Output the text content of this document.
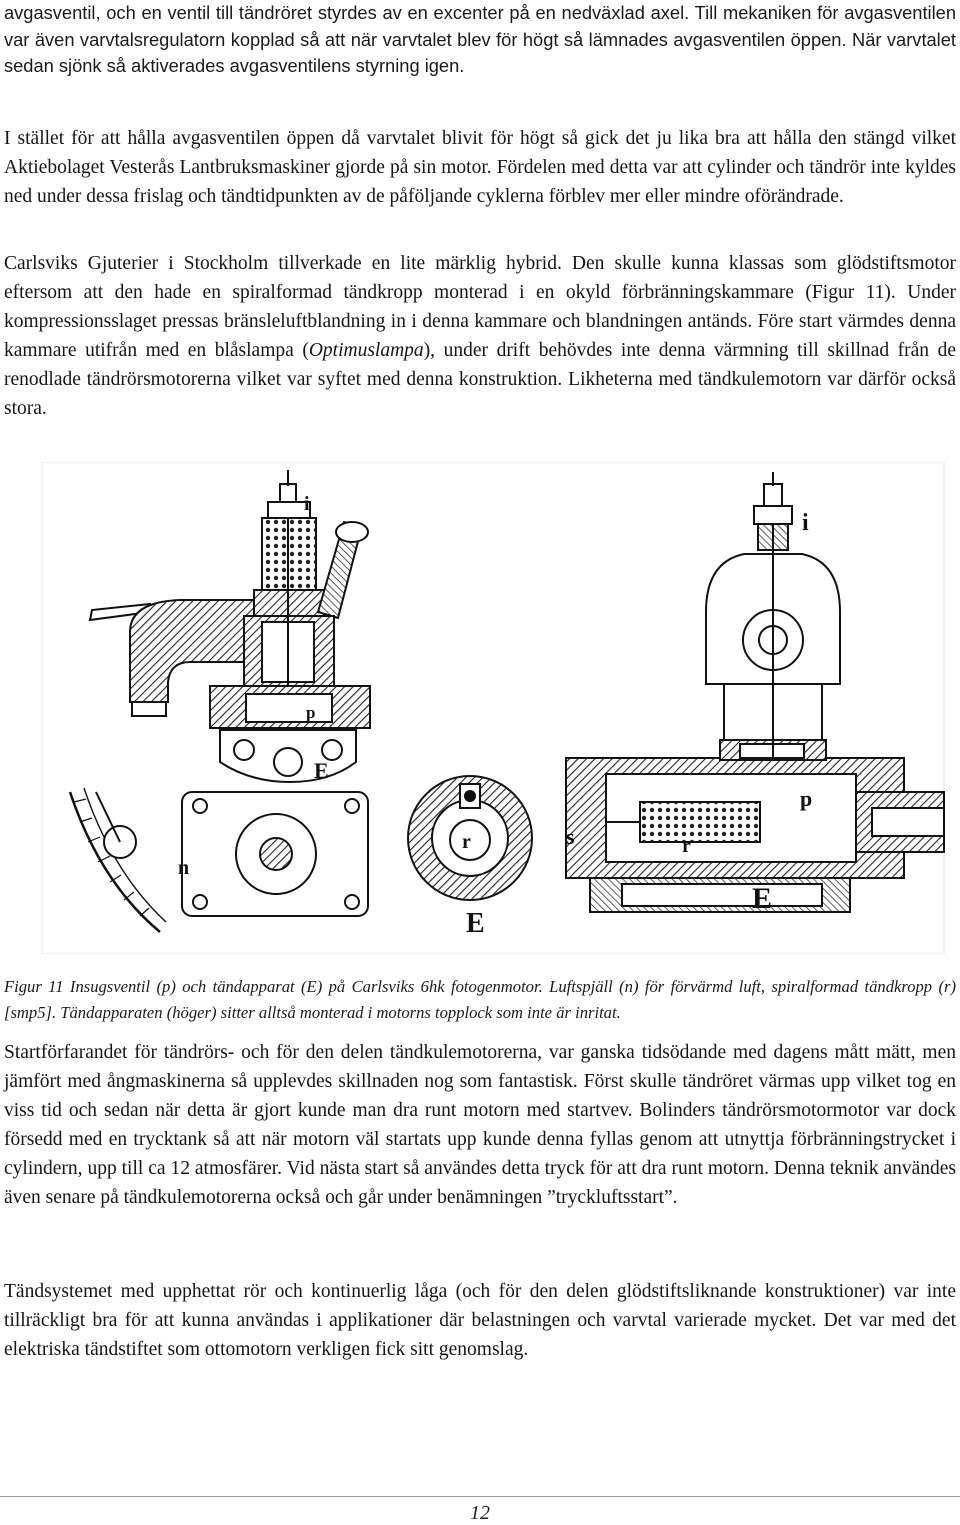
avgasventil, och en ventil till tändröret styrdes av en excenter på en nedväxlad axel. Till mekaniken för avgasventilen var även varvtalsregulatorn kopplad så att när varvtalet blev för högt så lämnades avgasventilen öppen. När varvtalet sedan sjönk så aktiverades avgasventilens styrning igen.

I stället för att hålla avgasventilen öppen då varvtalet blivit för högt så gick det ju lika bra att hålla den stängd vilket Aktiebolaget Vesterås Lantbruksmaskiner gjorde på sin motor. Fördelen med detta var att cylinder och tändrör inte kyldes ned under dessa frislag och tändtidpunkten av de påföljande cyklerna förblev mer eller mindre oförändrade.

Carlsviks Gjuterier i Stockholm tillverkade en lite märklig hybrid. Den skulle kunna klassas som glödstiftsmotor eftersom att den hade en spiralformad tändkropp monterad i en okyld förbränningskammare (Figur 11). Under kompressionsslaget pressas bränsleluftblandning in i denna kammare och blandningen antänds. Före start värmdes denna kammare utifrån med en blåslampa (Optimuslampa), under drift behövdes inte denna värmning till skillnad från de renodlade tändrörsmotorerna vilket var syftet med denna konstruktion. Likheterna med tändkulemotorn var därför också stora.

i
p
E
n
r
E
i
p
s	r
E

Figur 11 Insugsventil (p) och tändapparat (E) på Carlsviks 6hk fotogenmotor. Luftspjäll (n) för förvärmd luft, spiralformad tändkropp (r) [smp5]. Tändapparaten (höger) sitter alltså monterad i motorns topplock som inte är inritat.

Startförfarandet för tändrörs- och för den delen tändkulemotorerna, var ganska tidsödande med dagens mått mätt, men jämfört med ångmaskinerna så upplevdes skillnaden nog som fantastisk. Först skulle tändröret värmas upp vilket tog en viss tid och sedan när detta är gjort kunde man dra runt motorn med startvev. Bolinders tändrörsmotormotor var dock försedd med en trycktank så att när motorn väl startats upp kunde denna fyllas genom att utnyttja förbränningstrycket i cylindern, upp till ca 12 atmosfärer. Vid nästa start så användes detta tryck för att dra runt motorn. Denna teknik användes även senare på tändkulemotorerna också och går under benämningen ”tryckluftsstart”.

Tändsystemet med upphettat rör och kontinuerlig låga (och för den delen glödstiftsliknande konstruktioner) var inte tillräckligt bra för att kunna användas i applikationer där belastningen och varvtal varierade mycket. Det var med det elektriska tändstiftet som ottomotorn verkligen fick sitt genomslag.

12
